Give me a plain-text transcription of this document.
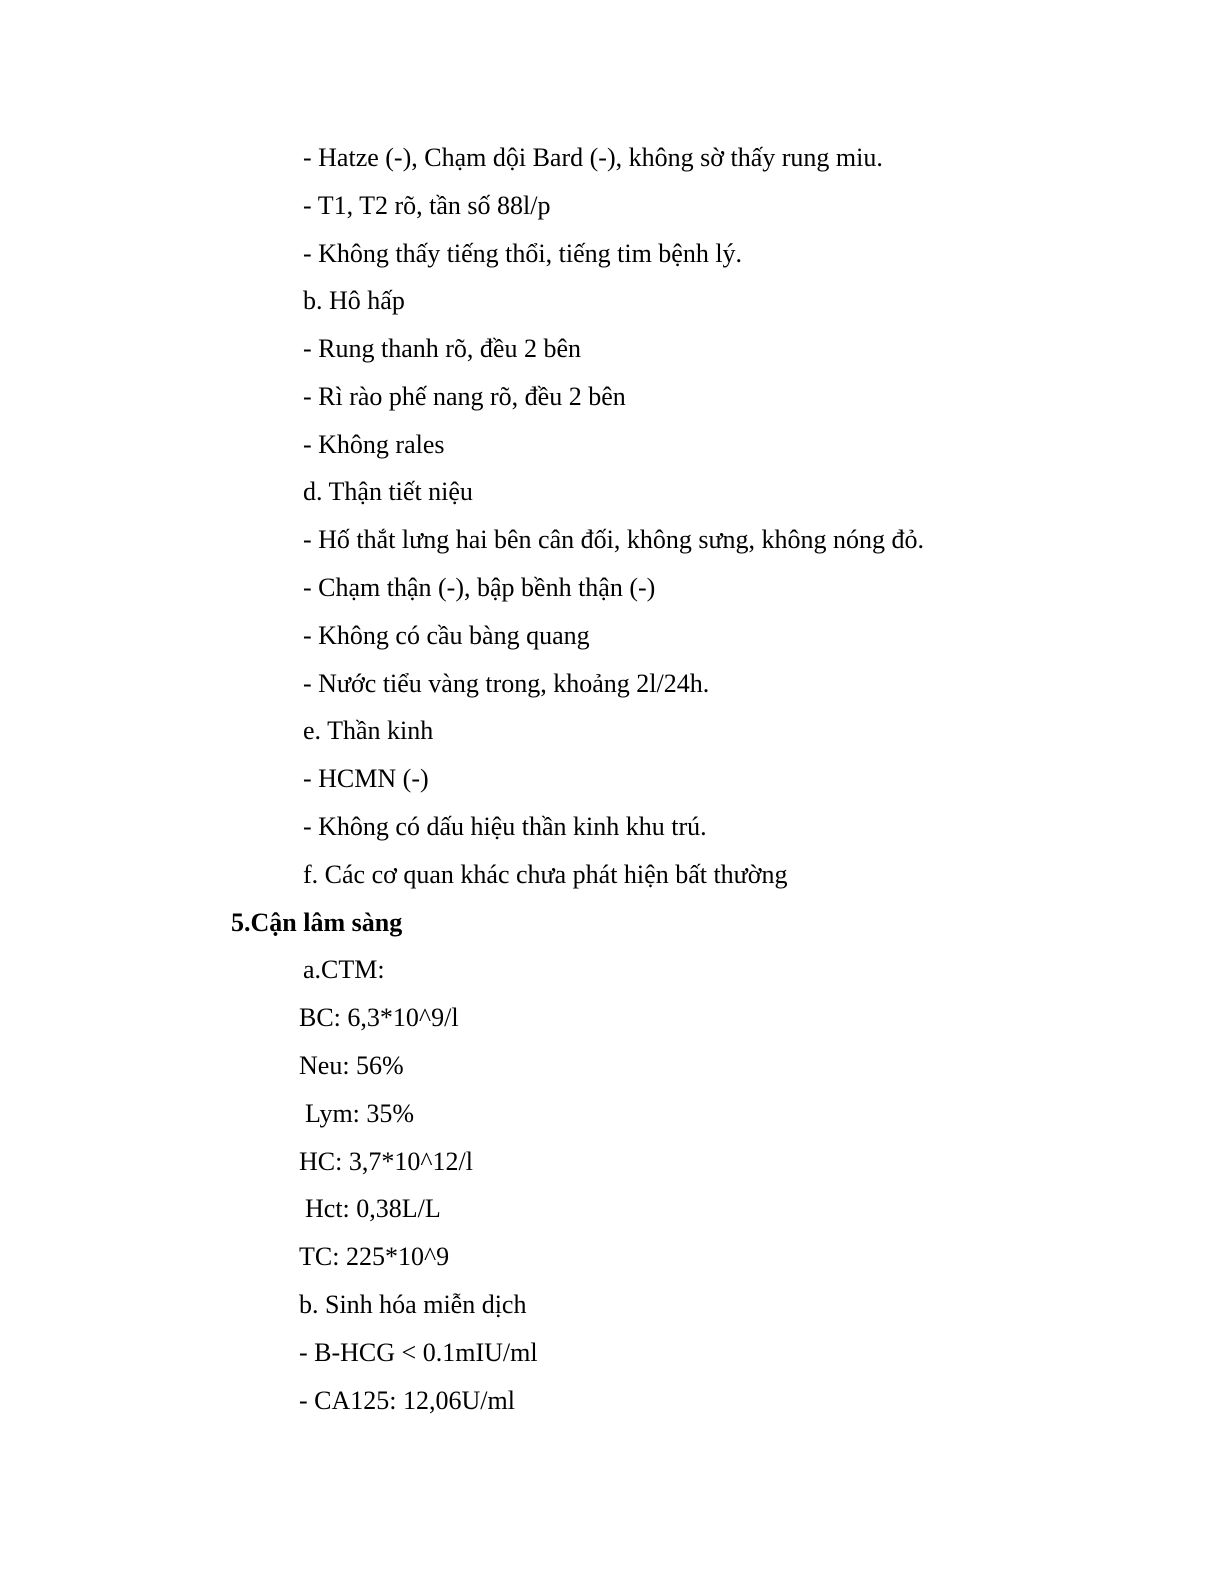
- Hatze (-), Chạm dội Bard (-), không sờ thấy rung miu.
- T1, T2 rõ, tần số 88l/p
- Không thấy tiếng thổi, tiếng tim bệnh lý.
b. Hô hấp
- Rung thanh rõ, đều 2 bên
- Rì rào phế nang rõ, đều 2 bên
- Không rales
d. Thận tiết niệu
- Hố thắt lưng hai bên cân đối, không sưng, không nóng đỏ.
- Chạm thận (-), bập bềnh thận (-)
- Không có cầu bàng quang
- Nước tiểu vàng trong, khoảng 2l/24h.
e. Thần kinh
- HCMN (-)
- Không có dấu hiệu thần kinh khu trú.
f. Các cơ quan khác chưa phát hiện bất thường
5.Cận lâm sàng
a.CTM:
BC: 6,3*10^9/l
Neu: 56%
Lym: 35%
HC: 3,7*10^12/l
Hct: 0,38L/L
TC: 225*10^9
b. Sinh hóa miễn dịch
- B-HCG < 0.1mIU/ml
- CA125: 12,06U/ml
